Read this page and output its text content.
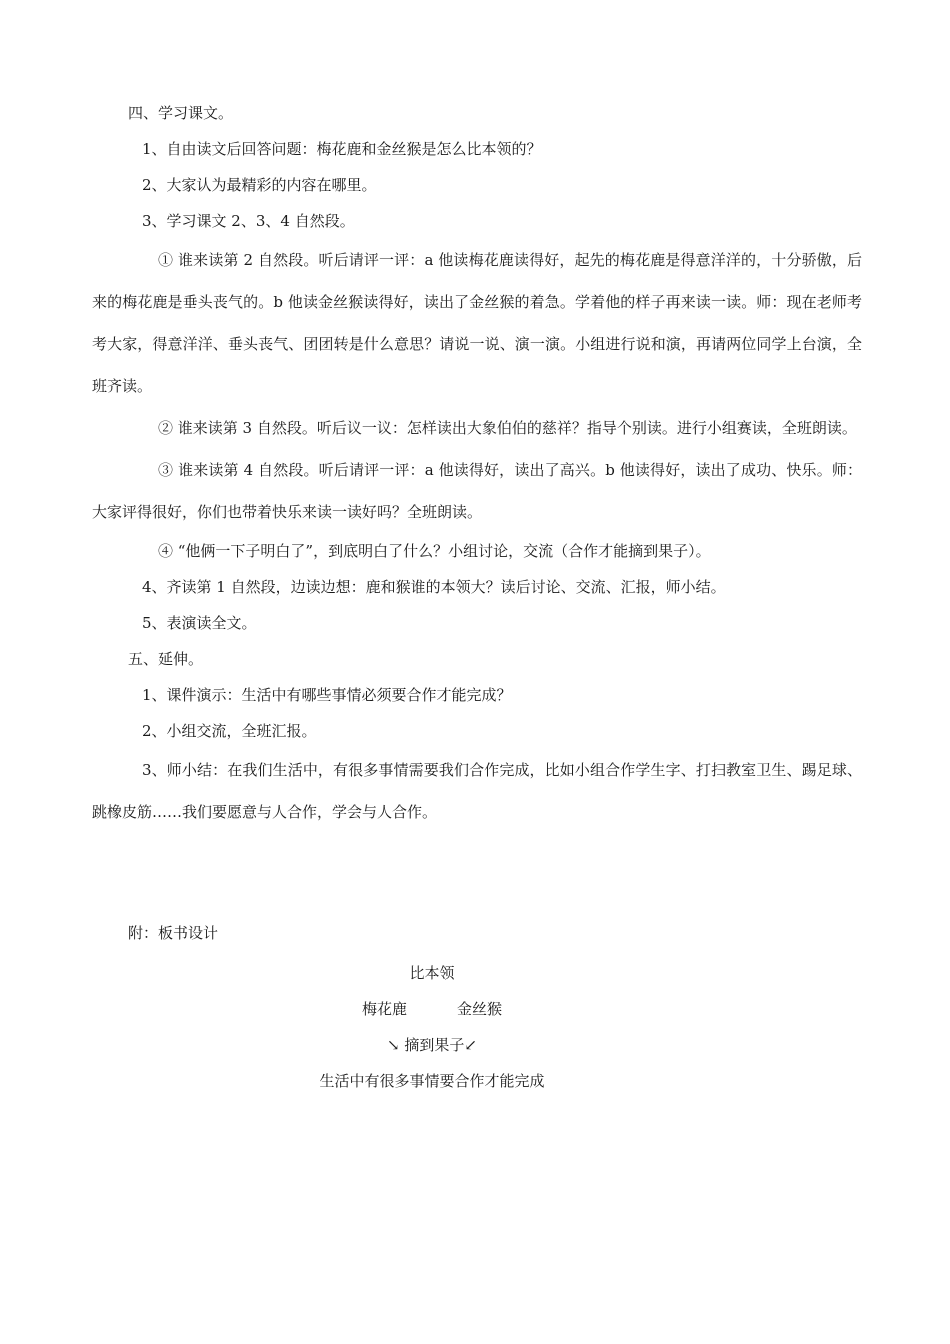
四、学习课文。

1、自由读文后回答问题：梅花鹿和金丝猴是怎么比本领的？

2、大家认为最精彩的内容在哪里。

3、学习课文 2、3、4 自然段。

① 谁来读第 2 自然段。听后请评一评：a 他读梅花鹿读得好，起先的梅花鹿是得意洋洋的，十分骄傲，后来的梅花鹿是垂头丧气的。b 他读金丝猴读得好，读出了金丝猴的着急。学着他的样子再来读一读。师：现在老师考考大家，得意洋洋、垂头丧气、团团转是什么意思？请说一说、演一演。小组进行说和演，再请两位同学上台演，全班齐读。

② 谁来读第 3 自然段。听后议一议：怎样读出大象伯伯的慈祥？指导个别读。进行小组赛读，全班朗读。

③ 谁来读第 4 自然段。听后请评一评：a 他读得好，读出了高兴。b 他读得好，读出了成功、快乐。师：大家评得很好，你们也带着快乐来读一读好吗？全班朗读。

④ “他俩一下子明白了”，到底明白了什么？小组讨论，交流（合作才能摘到果子）。

4、齐读第 1 自然段，边读边想：鹿和猴谁的本领大？读后讨论、交流、汇报，师小结。

5、表演读全文。

五、延伸。

1、课件演示：生活中有哪些事情必须要合作才能完成？

2、小组交流，全班汇报。

3、师小结：在我们生活中，有很多事情需要我们合作完成，比如小组合作学生字、打扫教室卫生、踢足球、跳橡皮筋……我们要愿意与人合作，学会与人合作。

附：板书设计

比本领
梅花鹿	金丝猴
↘ 摘到果子↙
生活中有很多事情要合作才能完成
